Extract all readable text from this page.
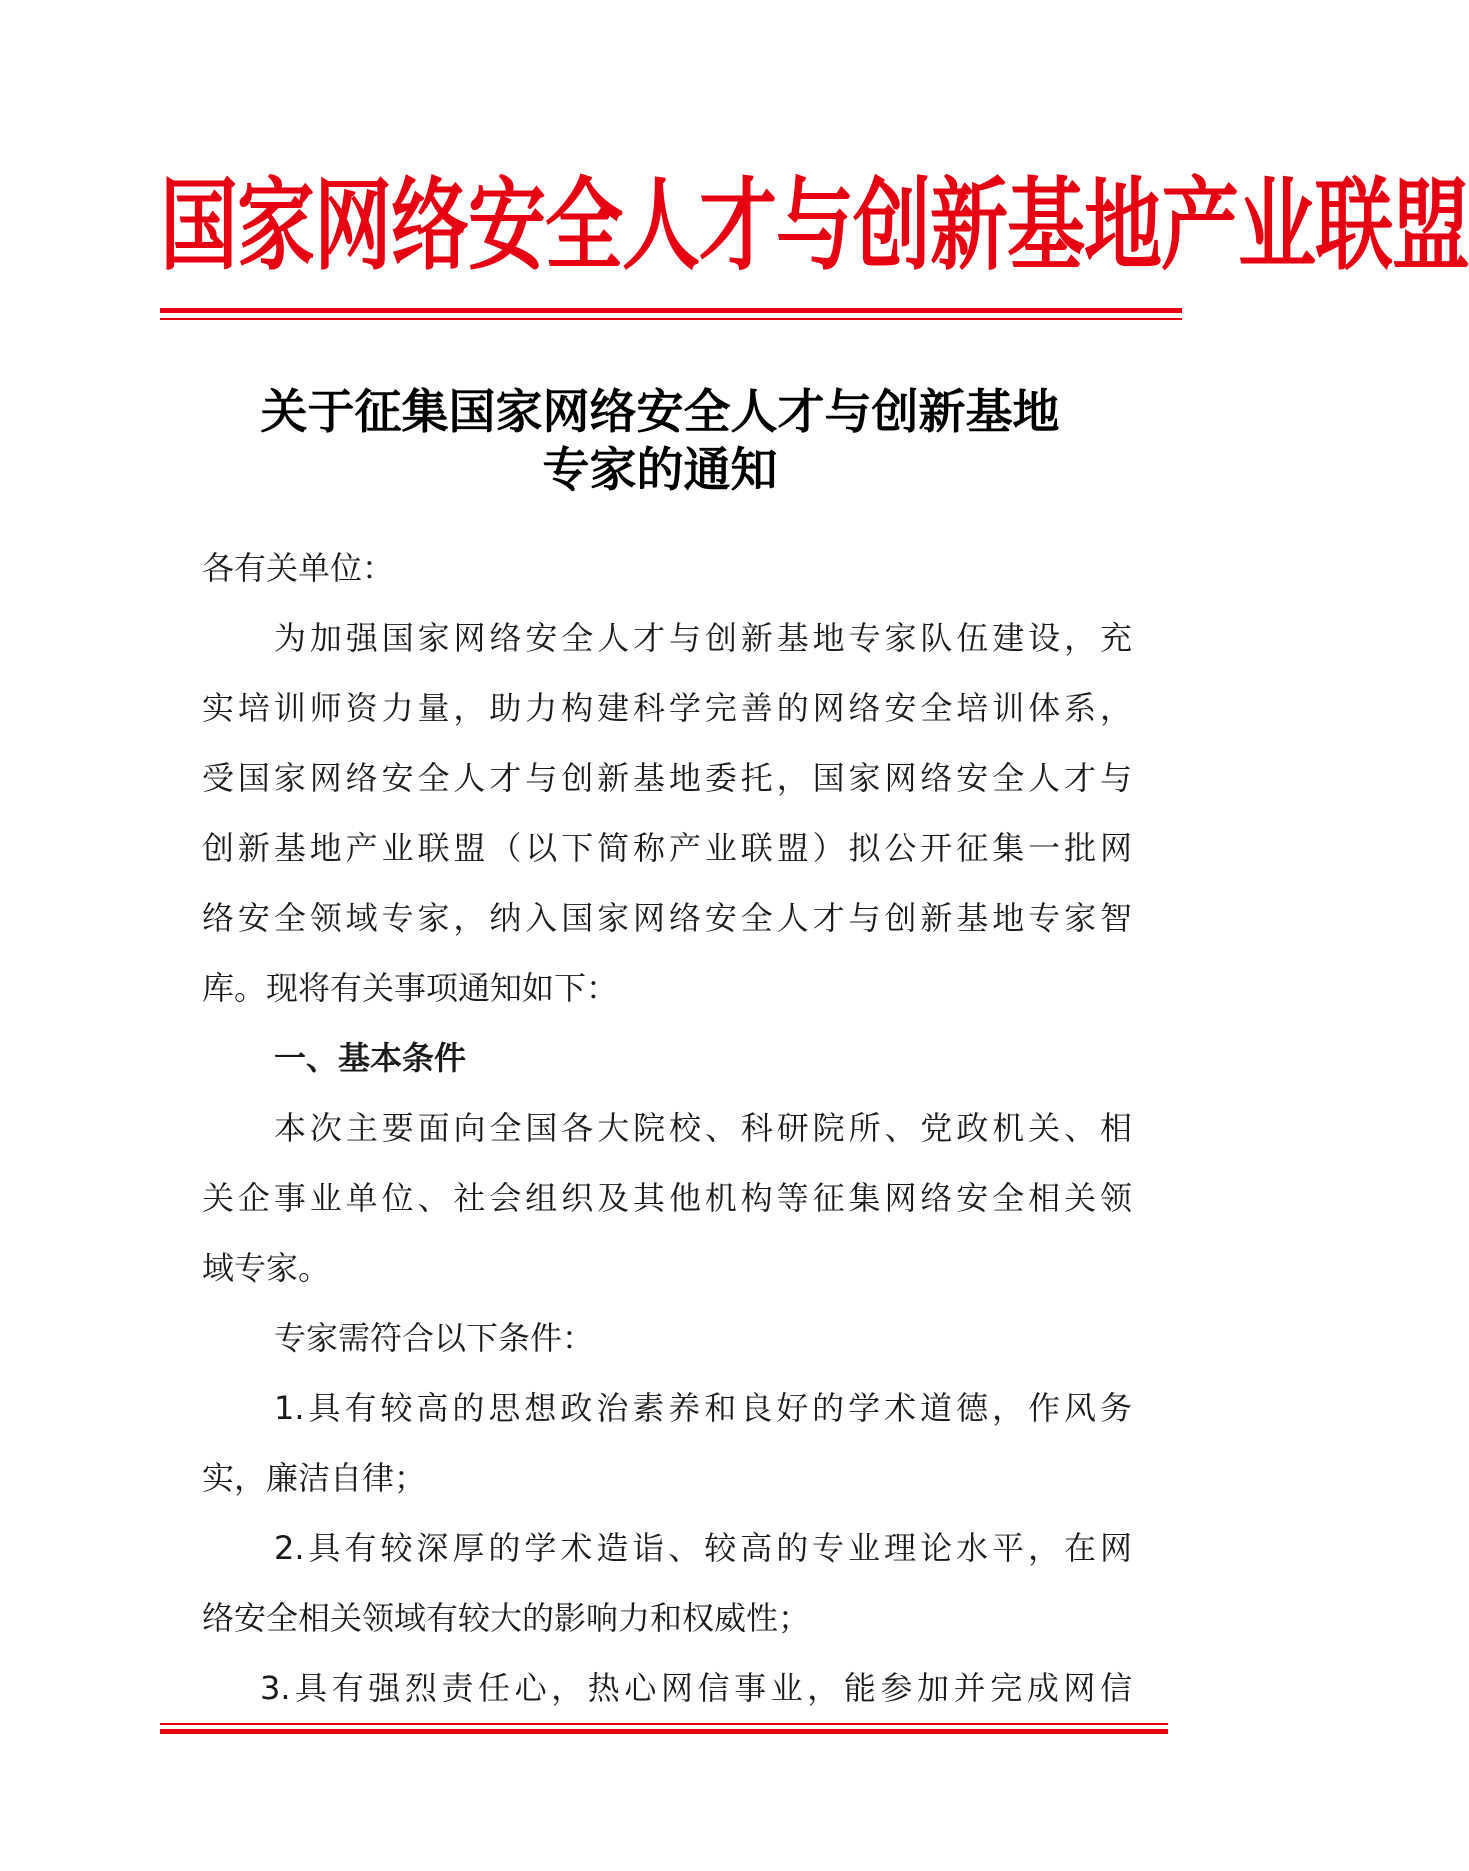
国家网络安全人才与创新基地产业联盟
关于征集国家网络安全人才与创新基地
专家的通知
各有关单位：
为加强国家网络安全人才与创新基地专家队伍建设，充
实培训师资力量，助力构建科学完善的网络安全培训体系，
受国家网络安全人才与创新基地委托，国家网络安全人才与
创新基地产业联盟（以下简称产业联盟）拟公开征集一批网
络安全领域专家，纳入国家网络安全人才与创新基地专家智
库。现将有关事项通知如下：
一、基本条件
本次主要面向全国各大院校、科研院所、党政机关、相
关企事业单位、社会组织及其他机构等征集网络安全相关领
域专家。
专家需符合以下条件：
1.具有较高的思想政治素养和良好的学术道德，作风务
实，廉洁自律；
2.具有较深厚的学术造诣、较高的专业理论水平，在网
络安全相关领域有较大的影响力和权威性；
3.具有强烈责任心，热心网信事业，能参加并完成网信
